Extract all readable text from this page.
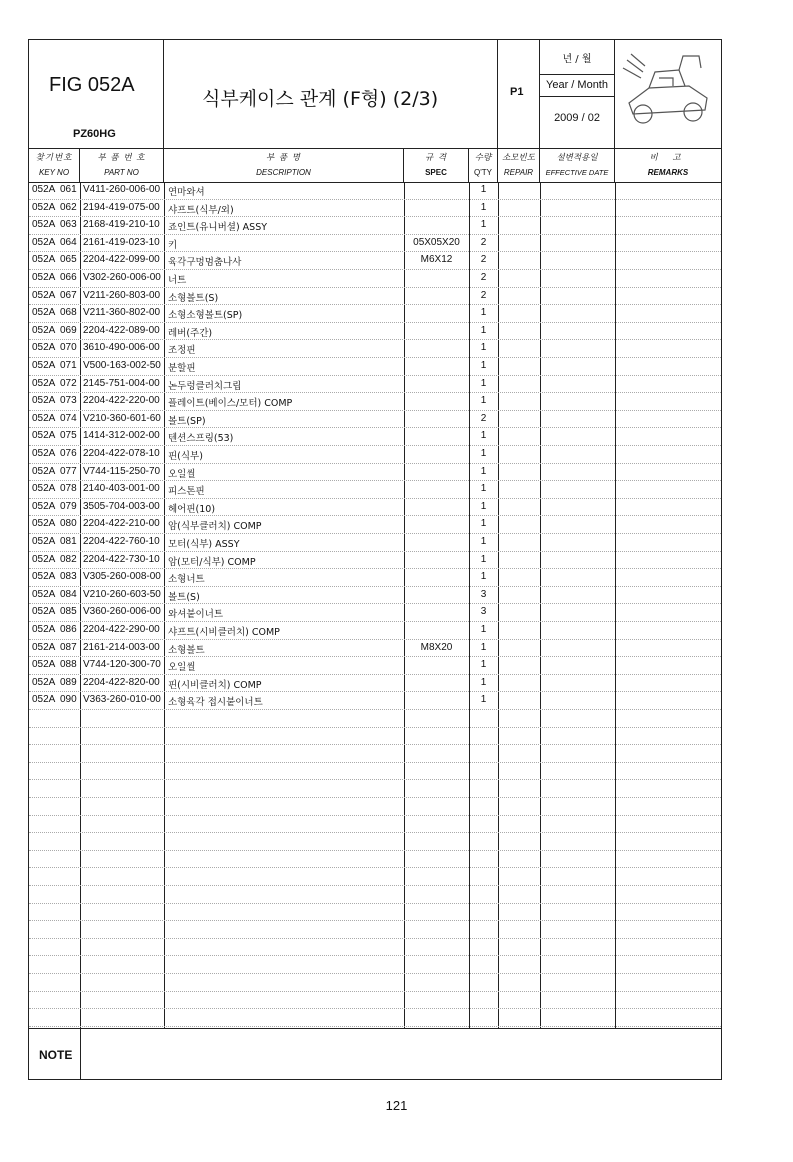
FIG 052A
PZ60HG
식부케이스 관계 (F형) (2/3)	P1
년 / 월
Year / Month
2009 / 02
찾기번호
KEY NO
부 품 번 호
PART NO
부 품 명
DESCRIPTION
규 격
SPEC
수량
Q'TY
소모빈도
REPAIR
설변적용일
EFFECTIVE DATE
비 고
REMARKS
052A 061 V411-260-006-00 연마와셔	1
052A 062 2194-419-075-00 샤프트(식부/외)	1
052A 063 2168-419-210-10 죠인트(유니버셜) ASSY	1
052A 064 2161-419-023-10 키	05X05X20	2
052A 065 2204-422-099-00 육각구멍멈춤나사	M6X12	2
052A 066 V302-260-006-00 너트	2
052A 067 V211-260-803-00 소형볼트(S)	2
052A 068 V211-360-802-00 소형소형볼트(SP)	1
052A 069 2204-422-089-00 레버(주간)	1
052A 070 3610-490-006-00 조정핀	1
052A 071 V500-163-002-50 분할핀	1
052A 072 2145-751-004-00 논두렁클러치그립	1
052A 073 2204-422-220-00 플레이트(베이스/모터) COMP	1
052A 074 V210-360-601-60 볼트(SP)	2
052A 075 1414-312-002-00 텐션스프링(53)	1
052A 076 2204-422-078-10 핀(식부)	1
052A 077 V744-115-250-70 오일씰	1
052A 078 2140-403-001-00 피스톤핀	1
052A 079 3505-704-003-00 헤어핀(10)	1
052A 080 2204-422-210-00 암(식부클러치) COMP	1
052A 081 2204-422-760-10 모터(식부) ASSY	1
052A 082 2204-422-730-10 암(모터/식부) COMP	1
052A 083 V305-260-008-00 소형너트	1
052A 084 V210-260-603-50 볼트(S)	3
052A 085 V360-260-006-00 와셔붙이너트	3
052A 086 2204-422-290-00 샤프트(시비클러치) COMP	1
052A 087 2161-214-003-00 소형볼트	M8X20	1
052A 088 V744-120-300-70 오일씰	1
052A 089 2204-422-820-00 핀(시비클러치) COMP	1
052A 090 V363-260-010-00 소형육각 접시붙이너트	1
NOTE
121
